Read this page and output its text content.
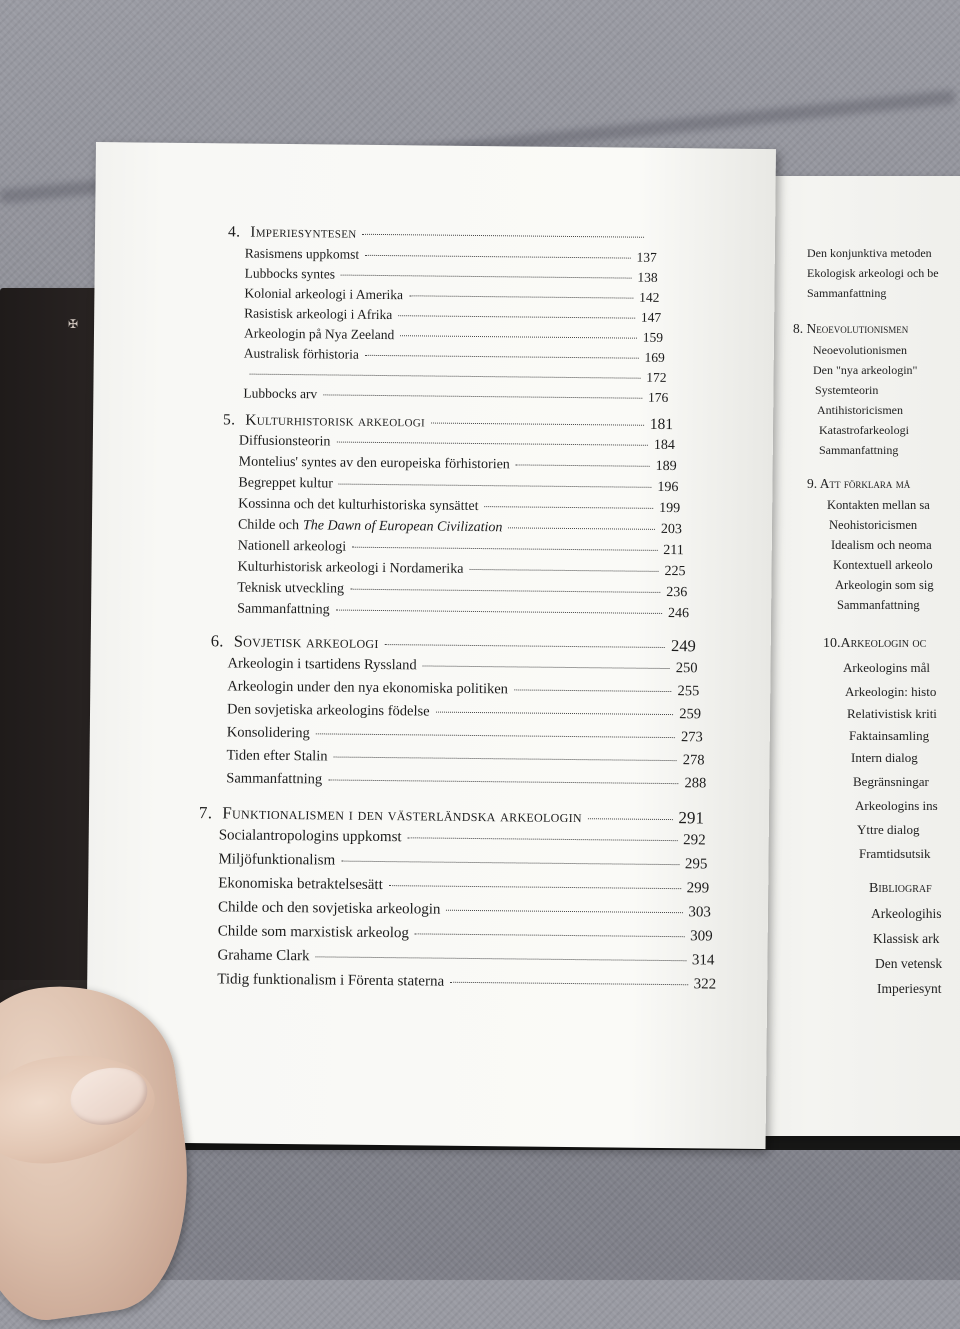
✠
Den konjunktiva metoden
Ekologisk arkeologi och be
Sammanfattning
8. Neoevolutionismen
Neoevolutionismen
Den "nya arkeologin"
Systemteorin
Antihistoricismen
Katastrofarkeologi
Sammanfattning
9. Att förklara må
Kontakten mellan sa
Neohistoricismen
Idealism och neoma
Kontextuell arkeolo
Arkeologin som sig
Sammanfattning
10.Arkeologin oc
Arkeologins mål
Arkeologin: histo
Relativistisk kriti
Faktainsamling
Intern dialog
Begränsningar
Arkeologins ins
Yttre dialog
Framtidsutsik
Bibliograf
Arkeologihis
Klassisk ark
Den vetensk
Imperiesynt
4. Imperiesyntesen
Rasismens uppkomst	137
Lubbocks syntes	138
Kolonial arkeologi i Amerika	142
Rasistisk arkeologi i Afrika	147
Arkeologin på Nya Zeeland	159
Australisk förhistoria	169
172
Lubbocks arv	176
5. Kulturhistorisk arkeologi	181
Diffusionsteorin	184
Montelius' syntes av den europeiska förhistorien	189
Begreppet kultur	196
Kossinna och det kulturhistoriska synsättet	199
Childe och The Dawn of European Civilization	203
Nationell arkeologi	211
Kulturhistorisk arkeologi i Nordamerika	225
Teknisk utveckling	236
Sammanfattning	246
6. Sovjetisk arkeologi	249
Arkeologin i tsartidens Ryssland	250
Arkeologin under den nya ekonomiska politiken	255
Den sovjetiska arkeologins födelse	259
Konsolidering	273
Tiden efter Stalin	278
Sammanfattning	288
7. Funktionalismen i den västerländska arkeologin	291
Socialantropologins uppkomst	292
Miljöfunktionalism	295
Ekonomiska betraktelsesätt	299
Childe och den sovjetiska arkeologin	303
Childe som marxistisk arkeolog	309
Grahame Clark	314
Tidig funktionalism i Förenta staterna	322
